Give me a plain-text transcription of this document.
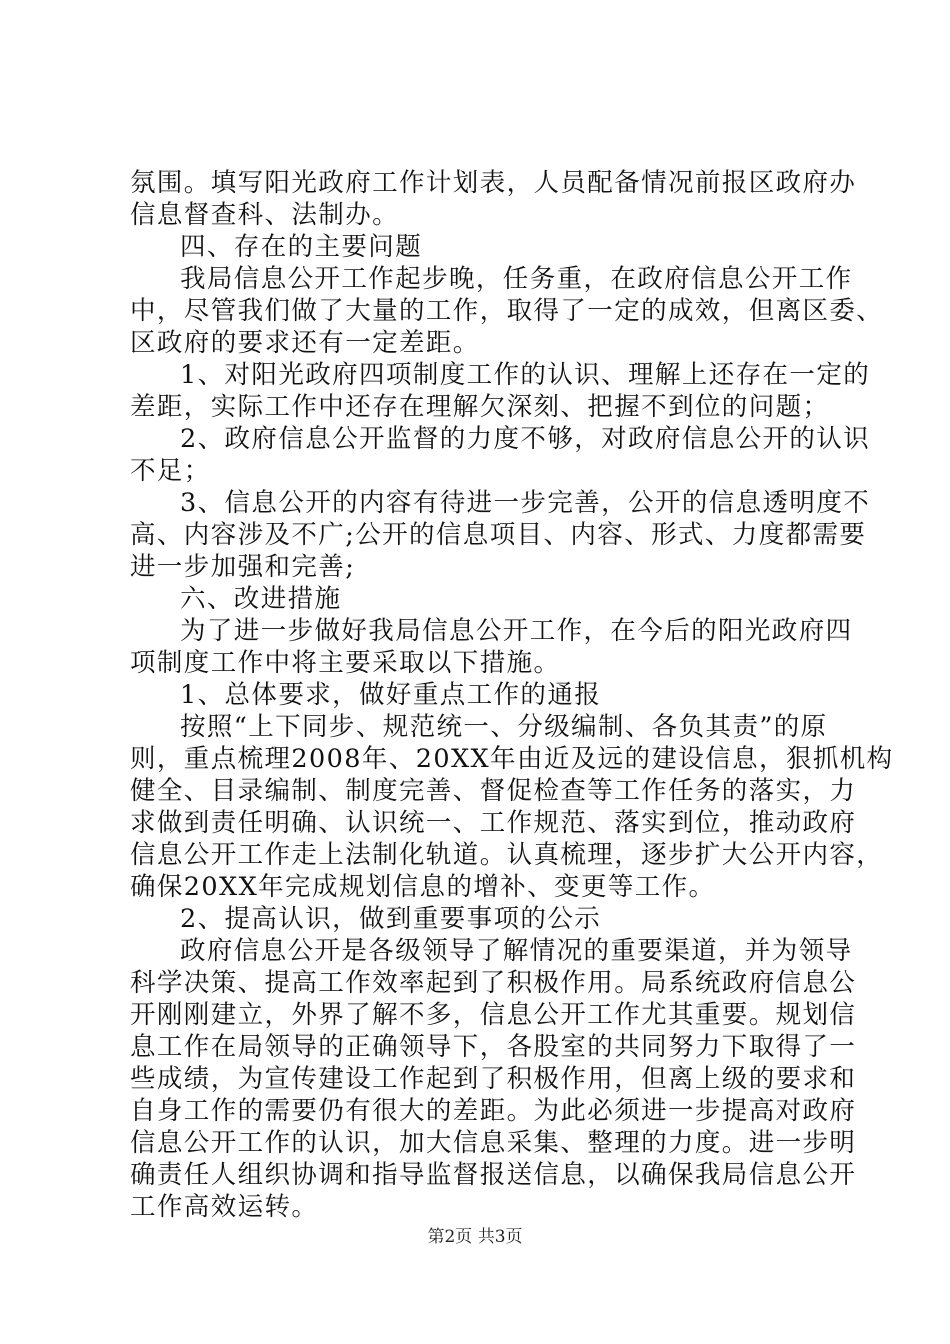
氛围。填写阳光政府工作计划表，人员配备情况前报区政府办
信息督查科、法制办。
四、存在的主要问题
我局信息公开工作起步晚，任务重，在政府信息公开工作
中，尽管我们做了大量的工作，取得了一定的成效，但离区委、
区政府的要求还有一定差距。
1、对阳光政府四项制度工作的认识、理解上还存在一定的
差距，实际工作中还存在理解欠深刻、把握不到位的问题；
2、政府信息公开监督的力度不够，对政府信息公开的认识
不足；
3、信息公开的内容有待进一步完善，公开的信息透明度不
高、内容涉及不广;公开的信息项目、内容、形式、力度都需要
进一步加强和完善;
六、改进措施
为了进一步做好我局信息公开工作，在今后的阳光政府四
项制度工作中将主要采取以下措施。
1、总体要求，做好重点工作的通报
按照“上下同步、规范统一、分级编制、各负其责”的原
则，重点梳理2008年、20XX年由近及远的建设信息，狠抓机构
健全、目录编制、制度完善、督促检查等工作任务的落实，力
求做到责任明确、认识统一、工作规范、落实到位，推动政府
信息公开工作走上法制化轨道。认真梳理，逐步扩大公开内容，
确保20XX年完成规划信息的增补、变更等工作。
2、提高认识，做到重要事项的公示
政府信息公开是各级领导了解情况的重要渠道，并为领导
科学决策、提高工作效率起到了积极作用。局系统政府信息公
开刚刚建立，外界了解不多，信息公开工作尤其重要。规划信
息工作在局领导的正确领导下，各股室的共同努力下取得了一
些成绩，为宣传建设工作起到了积极作用，但离上级的要求和
自身工作的需要仍有很大的差距。为此必须进一步提高对政府
信息公开工作的认识，加大信息采集、整理的力度。进一步明
确责任人组织协调和指导监督报送信息，以确保我局信息公开
工作高效运转。
第2页 共3页
